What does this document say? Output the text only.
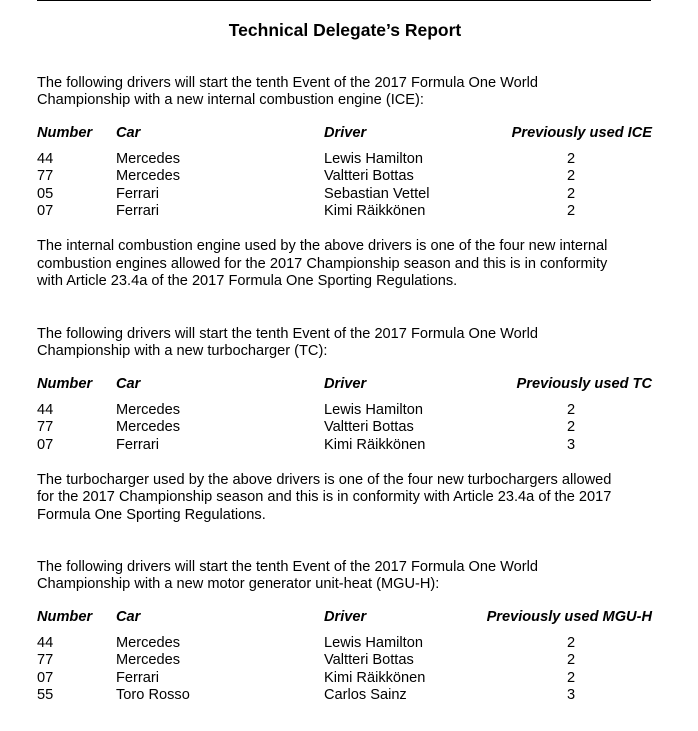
Technical Delegate’s Report

The following drivers will start the tenth Event of the 2017 Formula One World

Championship with a new internal combustion engine (ICE):

Number Car	Driver	Previously used ICE
44	Mercedes	Lewis Hamilton	2
77	Mercedes	Valtteri Bottas	2
05	Ferrari	Sebastian Vettel	2
07	Ferrari	Kimi Räikkönen	2

The internal combustion engine used by the above drivers is one of the four new internal

combustion engines allowed for the 2017 Championship season and this is in conformity

with Article 23.4a of the 2017 Formula One Sporting Regulations.

The following drivers will start the tenth Event of the 2017 Formula One World

Championship with a new turbocharger (TC):

Number Car	Driver	Previously used TC
44	Mercedes	Lewis Hamilton	2
77	Mercedes	Valtteri Bottas	2
07	Ferrari	Kimi Räikkönen	3

The turbocharger used by the above drivers is one of the four new turbochargers allowed

for the 2017 Championship season and this is in conformity with Article 23.4a of the 2017

Formula One Sporting Regulations.

The following drivers will start the tenth Event of the 2017 Formula One World

Championship with a new motor generator unit-heat (MGU-H):

Number Car	Driver	Previously used MGU-H
44	Mercedes	Lewis Hamilton	2
77	Mercedes	Valtteri Bottas	2
07	Ferrari	Kimi Räikkönen	2
55	Toro Rosso	Carlos Sainz	3
